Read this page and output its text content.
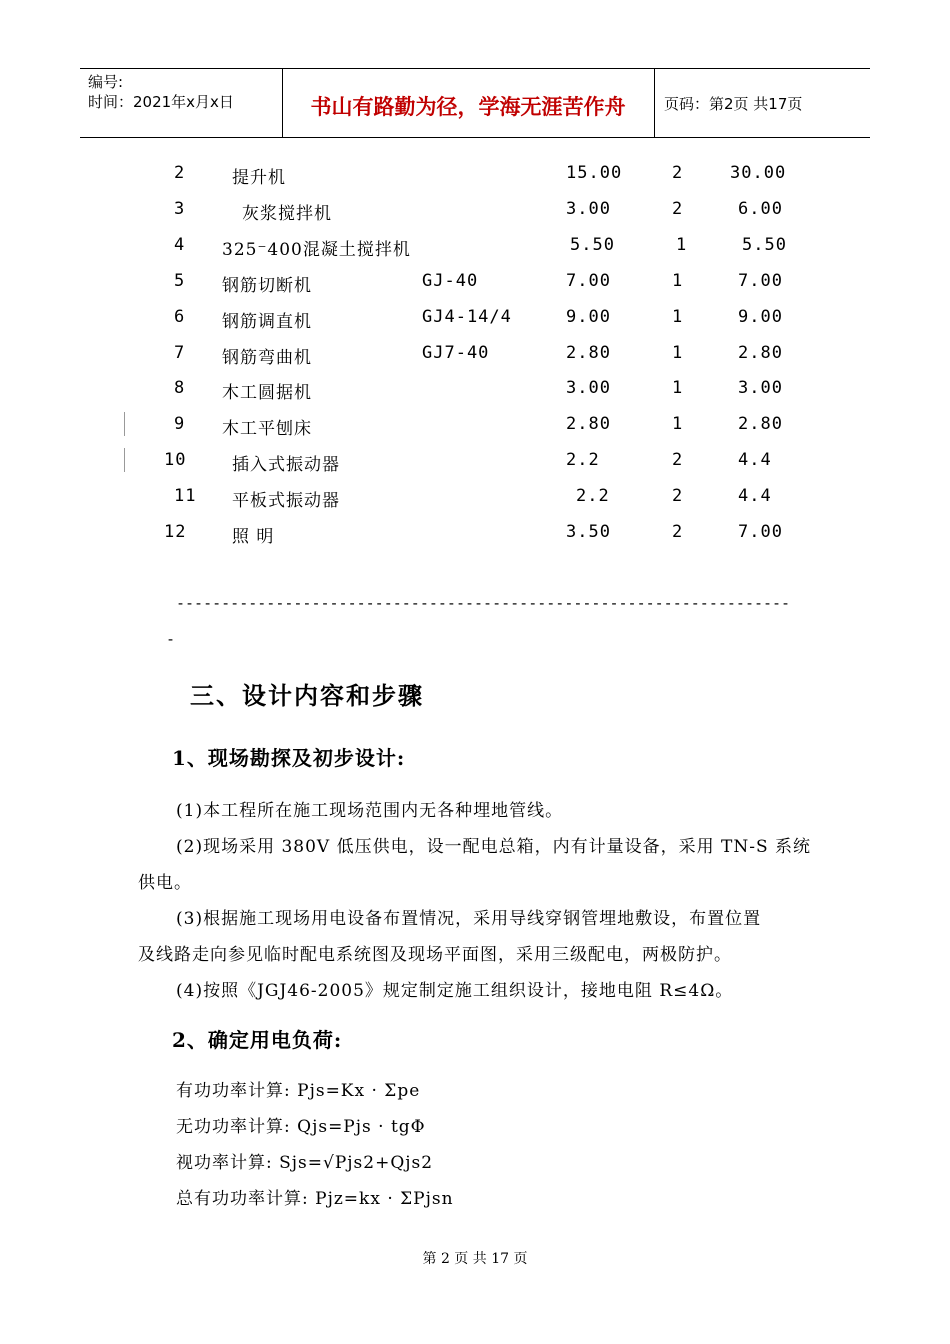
编号:
时间：2021年x月x日	书山有路勤为径，学海无涯苦作舟	页码：第2页 共17页
2	提升机	15.00	2	30.00
3	灰浆搅拌机	3.00	2	6.00
4 325⁻400混凝土搅拌机	5.50	1	5.50
5 钢筋切断机	GJ-40	7.00	1	7.00
6 钢筋调直机	GJ4-14/4	9.00	1	9.00
7 钢筋弯曲机	GJ7-40	2.80	1	2.80
8 木工圆据机	3.00	1	3.00
9 木工平刨床	2.80	1	2.80
10	插入式振动器	2.2	2	4.4
11 平板式振动器	2.2	2	4.4
12	照 明	3.50	2	7.00
--------------------------------------------------------------------
-
三、设计内容和步骤
1、现场勘探及初步设计:
(1)本工程所在施工现场范围内无各种埋地管线。
(2)现场采用 380V 低压供电，设一配电总箱，内有计量设备，采用 TN-S 系统
供电。
(3)根据施工现场用电设备布置情况，采用导线穿钢管埋地敷设，布置位置
及线路走向参见临时配电系统图及现场平面图，采用三级配电，两极防护。
(4)按照《JGJ46-2005》规定制定施工组织设计，接地电阻 R≤4Ω。
2、确定用电负荷:
有功功率计算: Pjs=Kx · Σpe
无功功率计算: Qjs=Pjs · tgΦ
视功率计算: Sjs=√Pjs2+Qjs2
总有功功率计算: Pjz=kx · ΣPjsn
第 2 页 共 17 页
